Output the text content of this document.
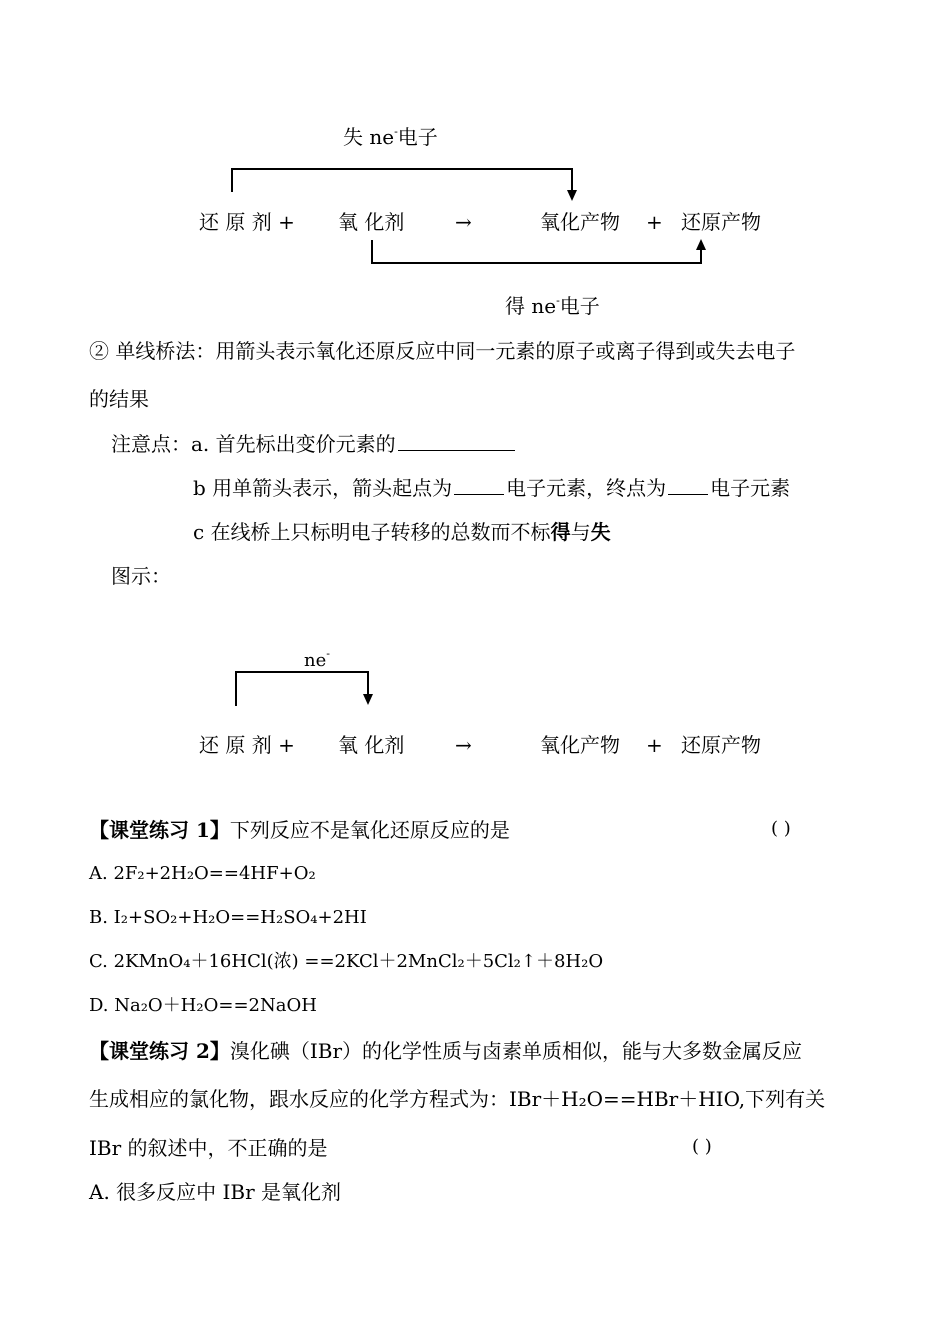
失 ne-电子
还 原 剂 + 氧 化剂	→	氧化产物 + 还原产物
得 ne-电子
② 单线桥法：用箭头表示氧化还原反应中同一元素的原子或离子得到或失去电子
的结果
注意点：a. 首先标出变价元素的
b 用单箭头表示，箭头起点为	电子元素，终点为 电子元素
c 在线桥上只标明电子转移的总数而不标得与失
图示：
ne-
还 原 剂 + 氧 化剂	→	氧化产物 + 还原产物
【课堂练习 1】下列反应不是氧化还原反应的是	( )
A. 2F₂+2H₂O==4HF+O₂
B. I₂+SO₂+H₂O==H₂SO₄+2HI
C. 2KMnO₄＋16HCl(浓) ==2KCl＋2MnCl₂＋5Cl₂↑＋8H₂O
D. Na₂O＋H₂O==2NaOH
【课堂练习 2】溴化碘（IBr）的化学性质与卤素单质相似，能与大多数金属反应
生成相应的氯化物，跟水反应的化学方程式为：IBr＋H₂O==HBr＋HIO,下列有关
IBr 的叙述中，不正确的是	( )
A. 很多反应中 IBr 是氧化剂
